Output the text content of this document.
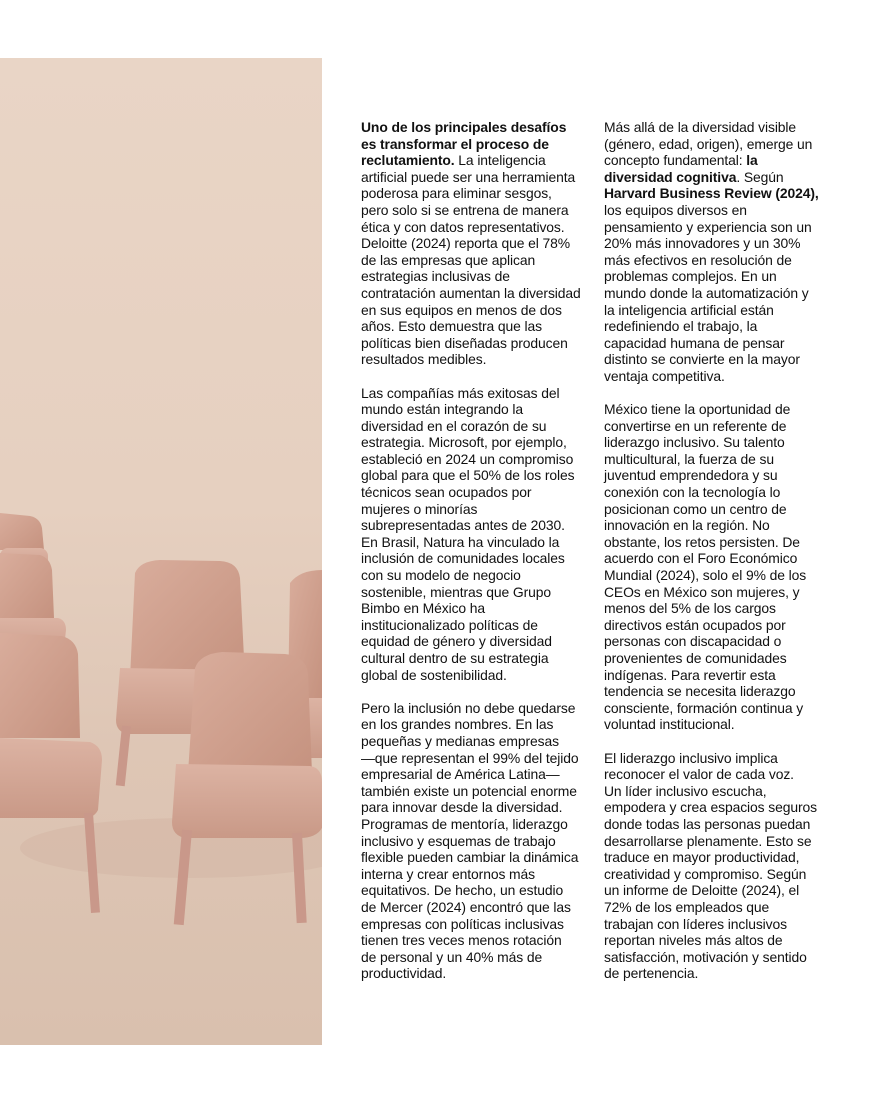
Uno de los principales desafíos
es transformar el proceso de
reclutamiento. La inteligencia
artificial puede ser una herramienta
poderosa para eliminar sesgos,
pero solo si se entrena de manera
ética y con datos representativos.
Deloitte (2024) reporta que el 78%
de las empresas que aplican
estrategias inclusivas de
contratación aumentan la diversidad
en sus equipos en menos de dos
años. Esto demuestra que las
políticas bien diseñadas producen
resultados medibles.

Las compañías más exitosas del
mundo están integrando la
diversidad en el corazón de su
estrategia. Microsoft, por ejemplo,
estableció en 2024 un compromiso
global para que el 50% de los roles
técnicos sean ocupados por
mujeres o minorías
subrepresentadas antes de 2030.
En Brasil, Natura ha vinculado la
inclusión de comunidades locales
con su modelo de negocio
sostenible, mientras que Grupo
Bimbo en México ha
institucionalizado políticas de
equidad de género y diversidad
cultural dentro de su estrategia
global de sostenibilidad.

Pero la inclusión no debe quedarse
en los grandes nombres. En las
pequeñas y medianas empresas
—que representan el 99% del tejido
empresarial de América Latina—
también existe un potencial enorme
para innovar desde la diversidad.
Programas de mentoría, liderazgo
inclusivo y esquemas de trabajo
flexible pueden cambiar la dinámica
interna y crear entornos más
equitativos. De hecho, un estudio
de Mercer (2024) encontró que las
empresas con políticas inclusivas
tienen tres veces menos rotación
de personal y un 40% más de
productividad.

Más allá de la diversidad visible
(género, edad, origen), emerge un
concepto fundamental: la
diversidad cognitiva. Según
Harvard Business Review (2024),
los equipos diversos en
pensamiento y experiencia son un
20% más innovadores y un 30%
más efectivos en resolución de
problemas complejos. En un
mundo donde la automatización y
la inteligencia artificial están
redefiniendo el trabajo, la
capacidad humana de pensar
distinto se convierte en la mayor
ventaja competitiva.

México tiene la oportunidad de
convertirse en un referente de
liderazgo inclusivo. Su talento
multicultural, la fuerza de su
juventud emprendedora y su
conexión con la tecnología lo
posicionan como un centro de
innovación en la región. No
obstante, los retos persisten. De
acuerdo con el Foro Económico
Mundial (2024), solo el 9% de los
CEOs en México son mujeres, y
menos del 5% de los cargos
directivos están ocupados por
personas con discapacidad o
provenientes de comunidades
indígenas. Para revertir esta
tendencia se necesita liderazgo
consciente, formación continua y
voluntad institucional.

El liderazgo inclusivo implica
reconocer el valor de cada voz.
Un líder inclusivo escucha,
empodera y crea espacios seguros
donde todas las personas puedan
desarrollarse plenamente. Esto se
traduce en mayor productividad,
creatividad y compromiso. Según
un informe de Deloitte (2024), el
72% de los empleados que
trabajan con líderes inclusivos
reportan niveles más altos de
satisfacción, motivación y sentido
de pertenencia.
